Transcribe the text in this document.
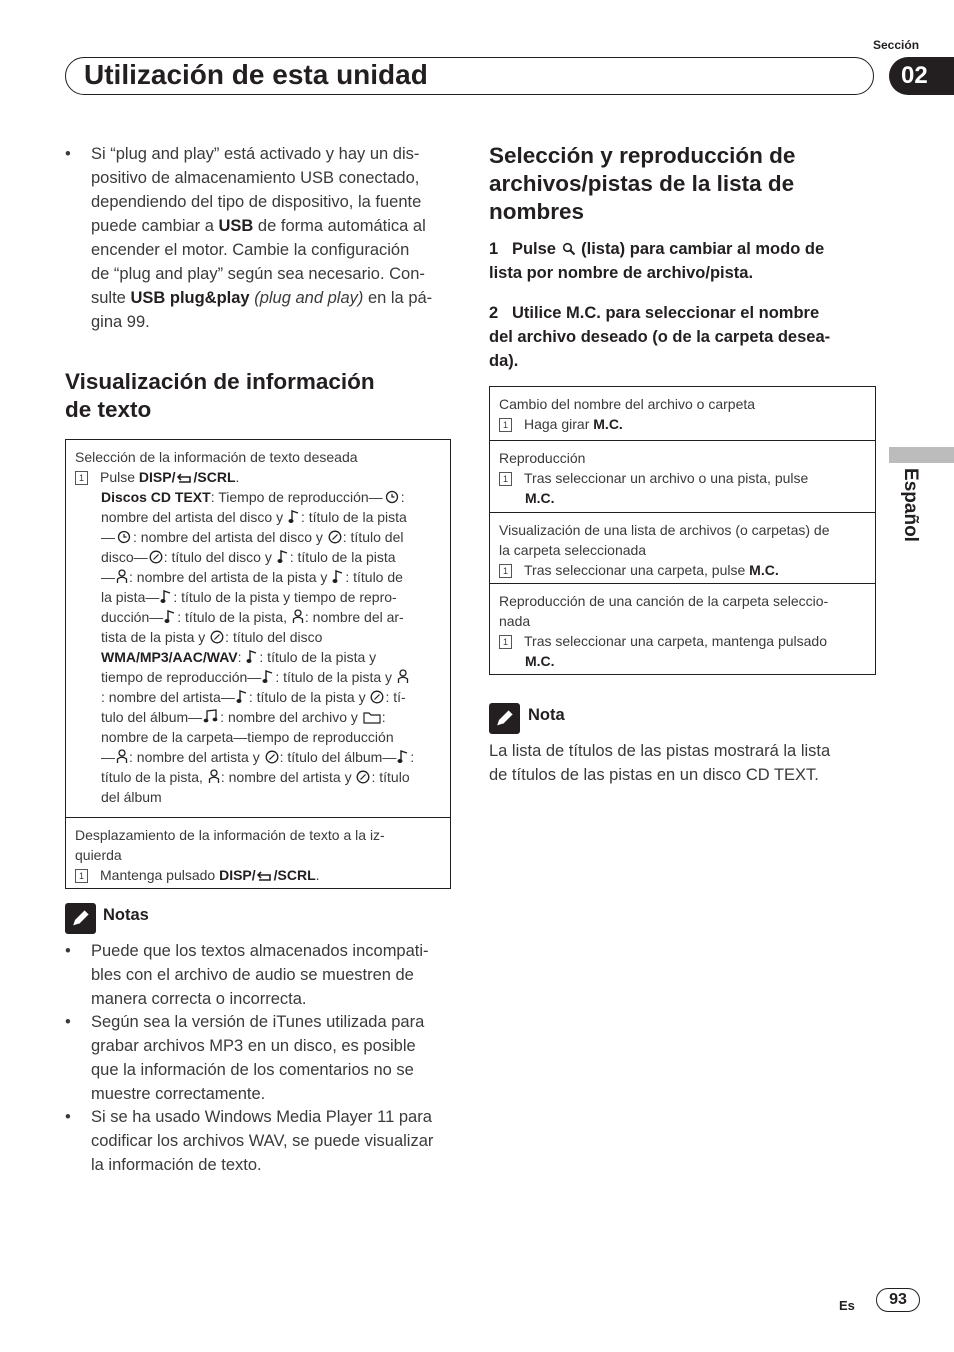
Sección
Utilización de esta unidad	02
Español
• Si “plug and play” está activado y hay un dis-
positivo de almacenamiento USB conectado,
dependiendo del tipo de dispositivo, la fuente
puede cambiar a USB de forma automática al
encender el motor. Cambie la configuración
de “plug and play” según sea necesario. Con-
sulte USB plug&play (plug and play) en la pá-
gina 99.
Visualización de información
de texto
Selección de la información de texto deseada
1 Pulse DISP/ /SCRL.
Discos CD TEXT: Tiempo de reproducción— :
nombre del artista del disco y : título de la pista
— : nombre del artista del disco y : título del
disco— : título del disco y : título de la pista
— : nombre del artista de la pista y : título de
la pista— : título de la pista y tiempo de repro-
ducción— : título de la pista, : nombre del ar-
tista de la pista y : título del disco
WMA/MP3/AAC/WAV: : título de la pista y
tiempo de reproducción— : título de la pista y
: nombre del artista— : título de la pista y : tí-
tulo del álbum— : nombre del archivo y :
nombre de la carpeta—tiempo de reproducción
— : nombre del artista y : título del álbum— :
título de la pista, : nombre del artista y : título
del álbum
Desplazamiento de la información de texto a la iz-
quierda
1 Mantenga pulsado DISP/ /SCRL.
Notas
• Puede que los textos almacenados incompati-
bles con el archivo de audio se muestren de
manera correcta o incorrecta.
• Según sea la versión de iTunes utilizada para
grabar archivos MP3 en un disco, es posible
que la información de los comentarios no se
muestre correctamente.
• Si se ha usado Windows Media Player 11 para
codificar los archivos WAV, se puede visualizar
la información de texto.
Selección y reproducción de
archivos/pistas de la lista de
nombres
1 Pulse  (lista) para cambiar al modo de
lista por nombre de archivo/pista.
2 Utilice M.C. para seleccionar el nombre
del archivo deseado (o de la carpeta desea-
da).
Cambio del nombre del archivo o carpeta
1 Haga girar M.C.
Reproducción
1 Tras seleccionar un archivo o una pista, pulse
M.C.
Visualización de una lista de archivos (o carpetas) de
la carpeta seleccionada
1 Tras seleccionar una carpeta, pulse M.C.
Reproducción de una canción de la carpeta seleccio-
nada
1 Tras seleccionar una carpeta, mantenga pulsado
M.C.
Nota
La lista de títulos de las pistas mostrará la lista
de títulos de las pistas en un disco CD TEXT.
Es	93
